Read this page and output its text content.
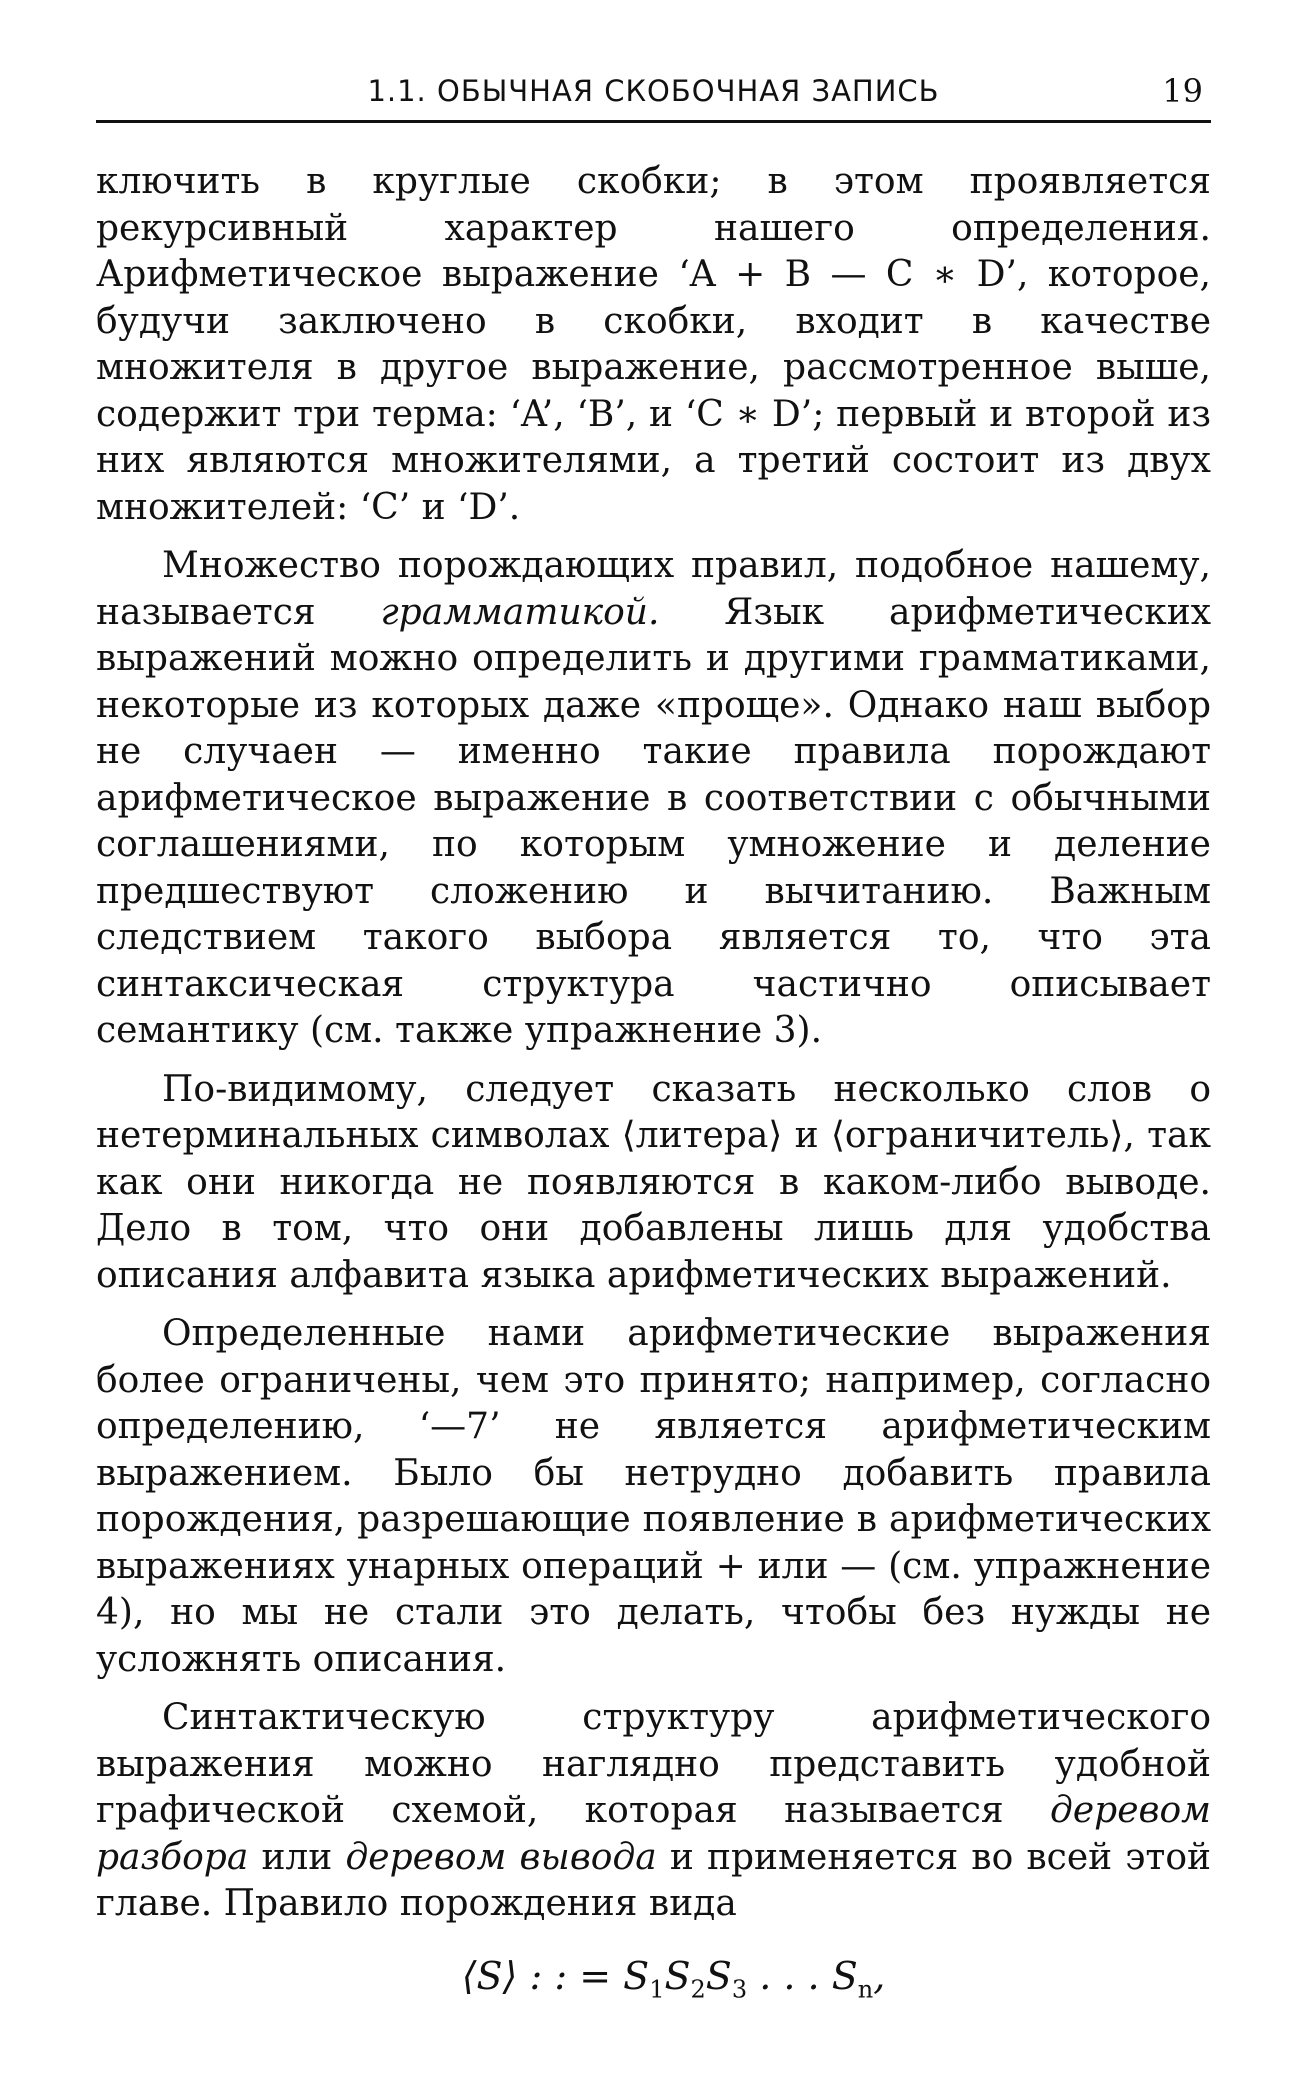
1.1. ОБЫЧНАЯ СКОБОЧНАЯ ЗАПИСЬ	19

ключить в круглые скобки; в этом проявляется рекурсивный характер нашего определения. Арифметическое выражение ‘A + B — C ∗ D’, которое, будучи заключено в скобки, входит в качестве множителя в другое выражение, рассмотренное выше, содержит три терма: ‘A’, ‘B’, и ‘C ∗ D’; первый и второй из них являются множителями, а третий состоит из двух множителей: ‘C’ и ‘D’.

Множество порождающих правил, подобное нашему, называется грамматикой. Язык арифметических выражений можно определить и другими грамматиками, некоторые из которых даже «проще». Однако наш выбор не случаен — именно такие правила порождают арифметическое выражение в соответствии с обычными соглашениями, по которым умножение и деление предшествуют сложению и вычитанию. Важным следствием такого выбора является то, что эта синтаксическая структура частично описывает семантику (см. также упражнение 3).

По-видимому, следует сказать несколько слов о нетерминальных символах ⟨литера⟩ и ⟨ограничитель⟩, так как они никогда не появляются в каком-либо выводе. Дело в том, что они добавлены лишь для удобства описания алфавита языка арифметических выражений.

Определенные нами арифметические выражения более ограничены, чем это принято; например, согласно определению, ‘—7’ не является арифметическим выражением. Было бы нетрудно добавить правила порождения, разрешающие появление в арифметических выражениях унарных операций + или — (см. упражнение 4), но мы не стали это делать, чтобы без нужды не усложнять описания.

Синтактическую структуру арифметического выражения можно наглядно представить удобной графической схемой, которая называется деревом разбора или деревом вывода и применяется во всей этой главе. Правило порождения вида

⟨S⟩ : : = $S_1S_2S_3$ . . . $S_n$,
